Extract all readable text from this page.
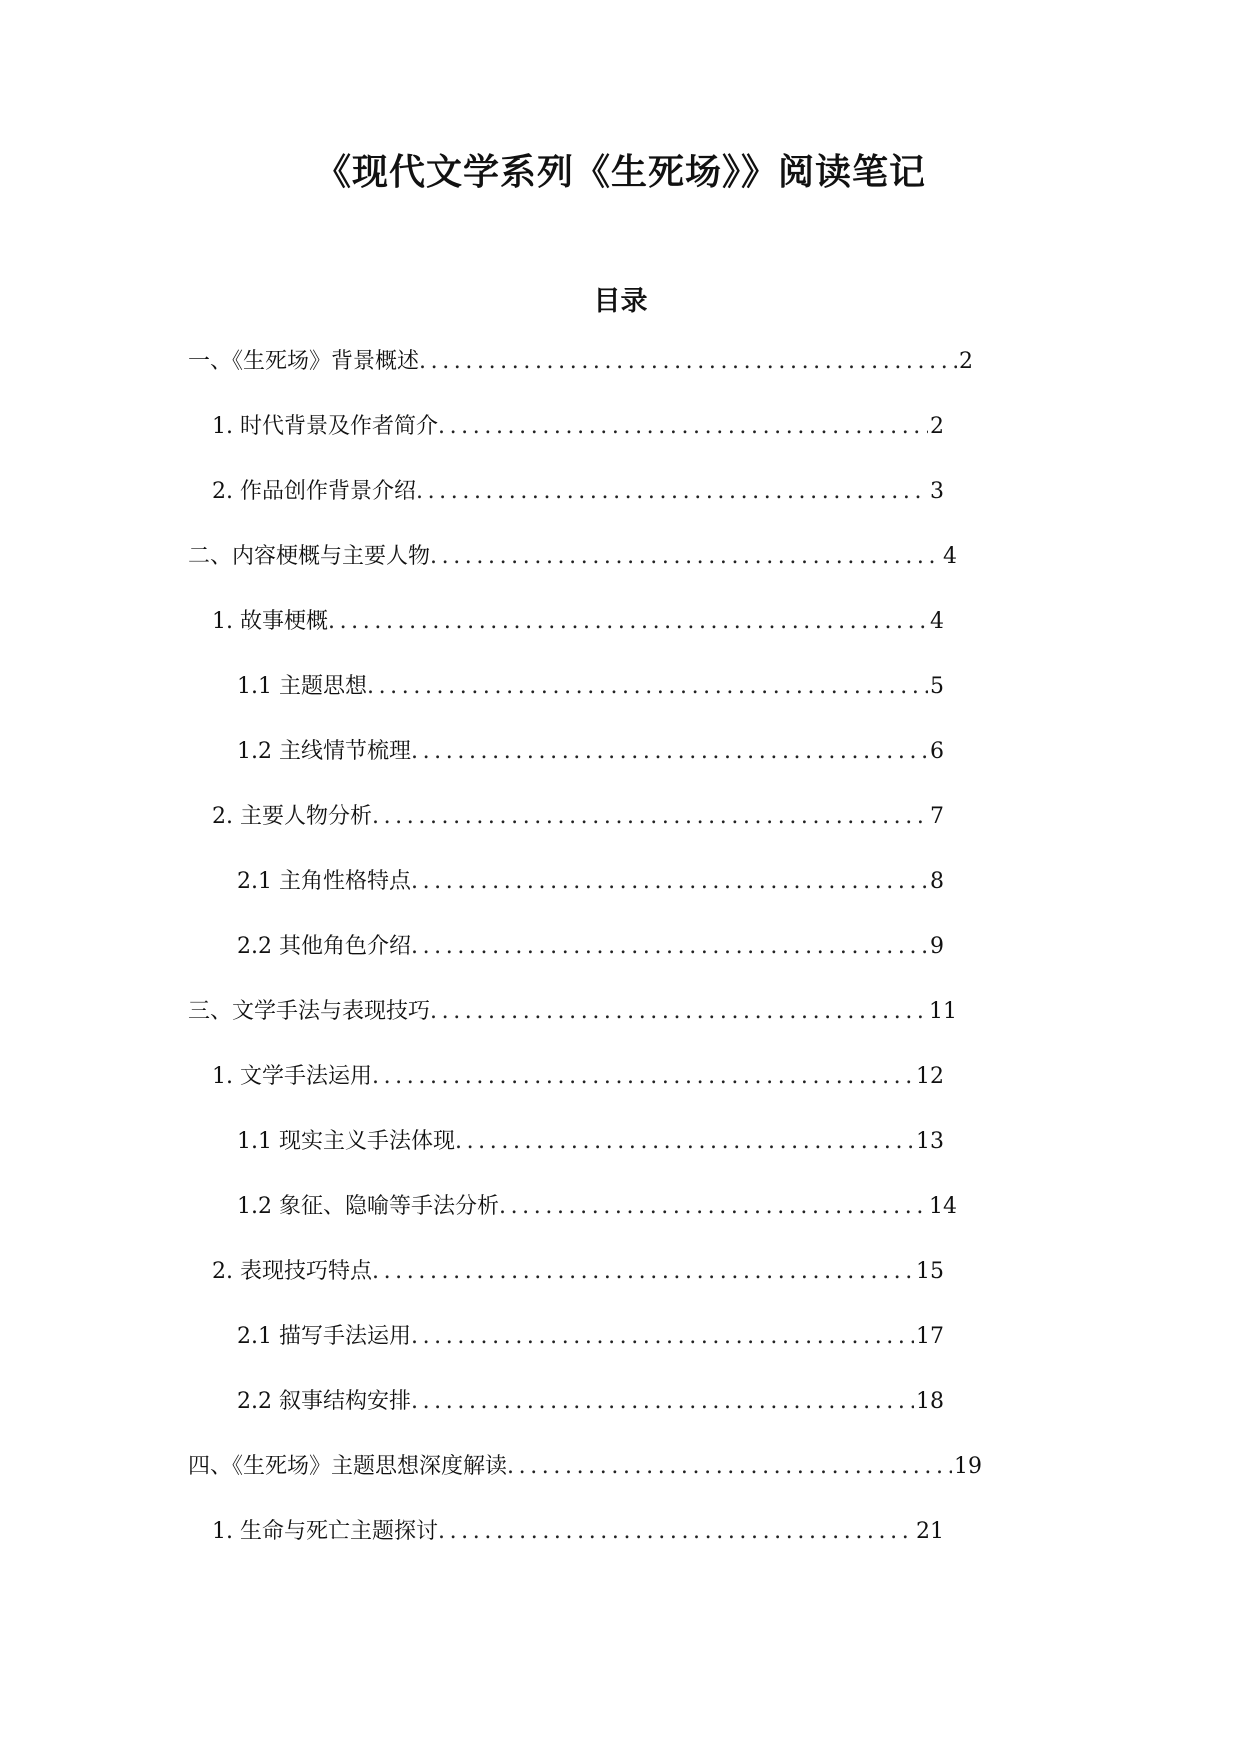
《现代文学系列《生死场》》阅读笔记
目录
一、《生死场》背景概述 .....	2
1. 时代背景及作者简介 .....	2
2. 作品创作背景介绍 .....	3
二、内容梗概与主要人物 .....	4
1. 故事梗概 .....	4
1.1 主题思想 .....	5
1.2 主线情节梳理 .....	6
2. 主要人物分析 .....	7
2.1 主角性格特点 .....	8
2.2 其他角色介绍 .....	9
三、文学手法与表现技巧 .....	11
1. 文学手法运用 .....	12
1.1 现实主义手法体现 .....	13
1.2 象征、隐喻等手法分析 .....	14
2. 表现技巧特点 .....	15
2.1 描写手法运用 .....	17
2.2 叙事结构安排 .....	18
四、《生死场》主题思想深度解读 .....	19
1. 生命与死亡主题探讨 .....	21
